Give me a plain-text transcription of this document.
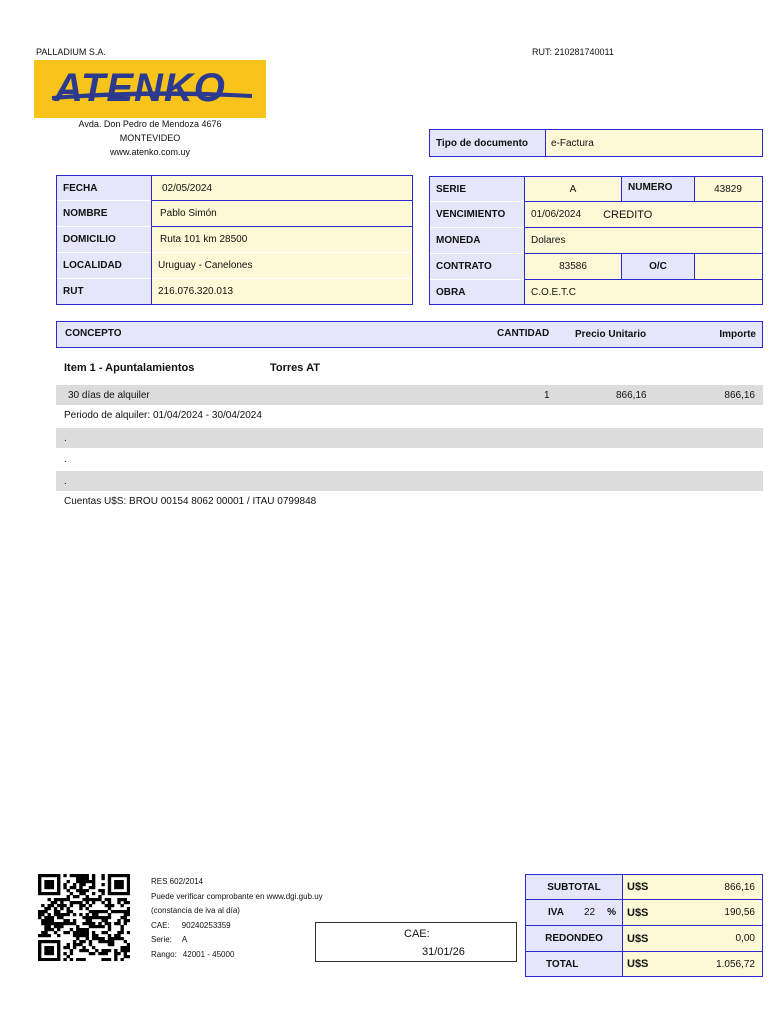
PALLADIUM S.A.	RUT: 210281740011
ATENKO
Avda. Don Pedro de Mendoza 4676
MONTEVIDEO
www.atenko.com.uy
Tipo de documento	e-Factura
FECHA	02/05/2024
NOMBRE	Pablo Simón
DOMICILIO	Ruta 101 km 28500
LOCALIDAD	Uruguay - Canelones
RUT	216.076.320.013
SERIE	A	NUMERO	43829
VENCIMIENTO	01/06/2024 CREDITO
MONEDA	Dolares
CONTRATO	83586	O/C
OBRA	C.O.E.T.C
CONCEPTO	CANTIDAD	Precio Unitario	Importe
Item 1 - Apuntalamientos	Torres AT
30 días de alquiler	1	866,16	866,16
Periodo de alquiler: 01/04/2024 - 30/04/2024
.
.
.
Cuentas U$S: BROU 00154 8062 00001 / ITAU 0799848
RES 602/2014
Puede verificar comprobante en www.dgi.gub.uy
(constancia de iva al día)
CAE: 90240253359
Serie: A
Rango: 42001 - 45000
CAE:
31/01/26
SUBTOTAL	U$S	866,16
IVA 22 % U$S	190,56
REDONDEO	U$S	0,00
TOTAL	U$S	1.056,72
